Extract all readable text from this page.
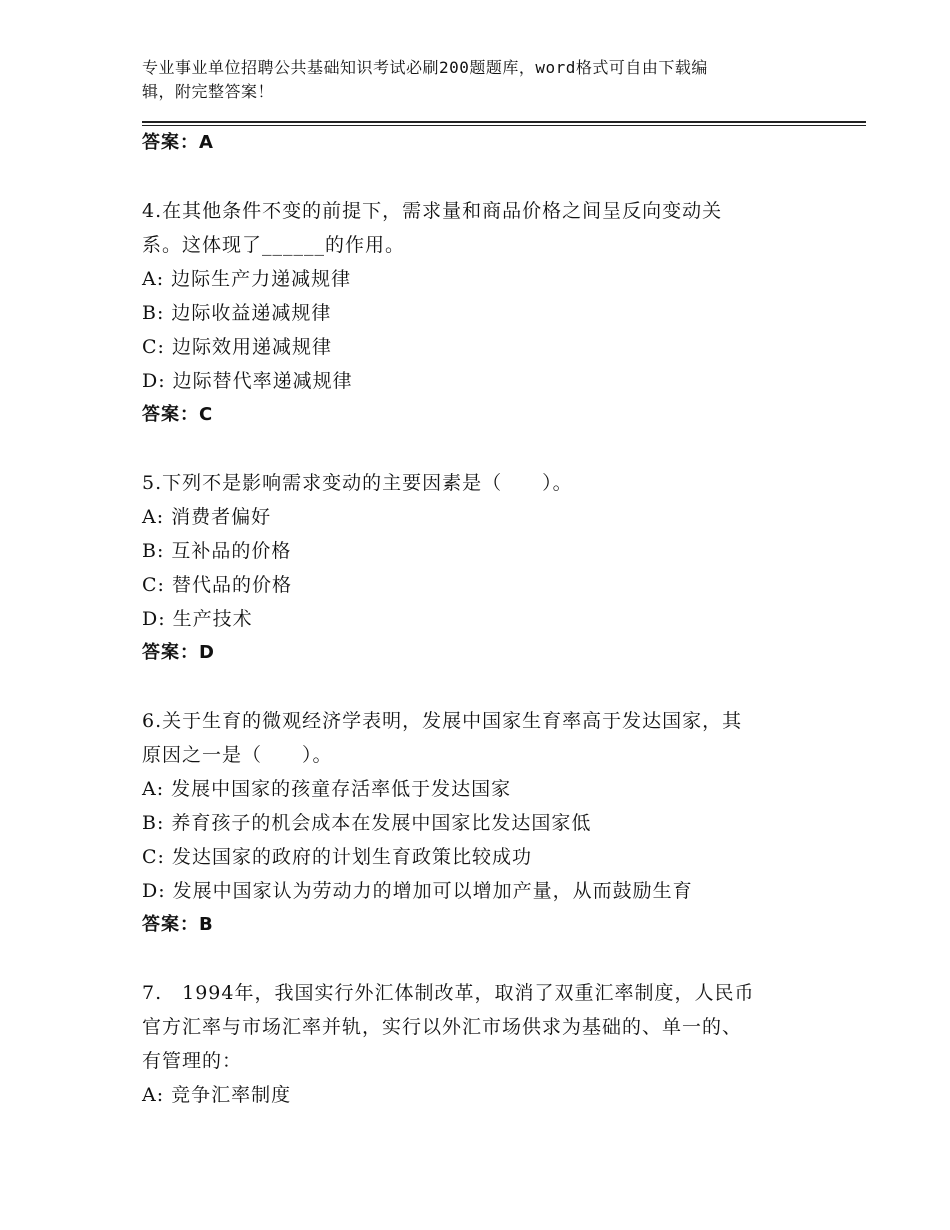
专业事业单位招聘公共基础知识考试必刷200题题库，word格式可自由下载编
辑，附完整答案！
答案：A
4.在其他条件不变的前提下，需求量和商品价格之间呈反向变动关
系。这体现了______的作用。
A: 边际生产力递减规律
B: 边际收益递减规律
C: 边际效用递减规律
D: 边际替代率递减规律
答案：C
5.下列不是影响需求变动的主要因素是（　　）。
A: 消费者偏好
B: 互补品的价格
C: 替代品的价格
D: 生产技术
答案：D
6.关于生育的微观经济学表明，发展中国家生育率高于发达国家，其
原因之一是（　　）。
A: 发展中国家的孩童存活率低于发达国家
B: 养育孩子的机会成本在发展中国家比发达国家低
C: 发达国家的政府的计划生育政策比较成功
D: 发展中国家认为劳动力的增加可以增加产量，从而鼓励生育
答案：B
7.　1994年，我国实行外汇体制改革，取消了双重汇率制度，人民币
官方汇率与市场汇率并轨，实行以外汇市场供求为基础的、单一的、
有管理的：
A: 竞争汇率制度
